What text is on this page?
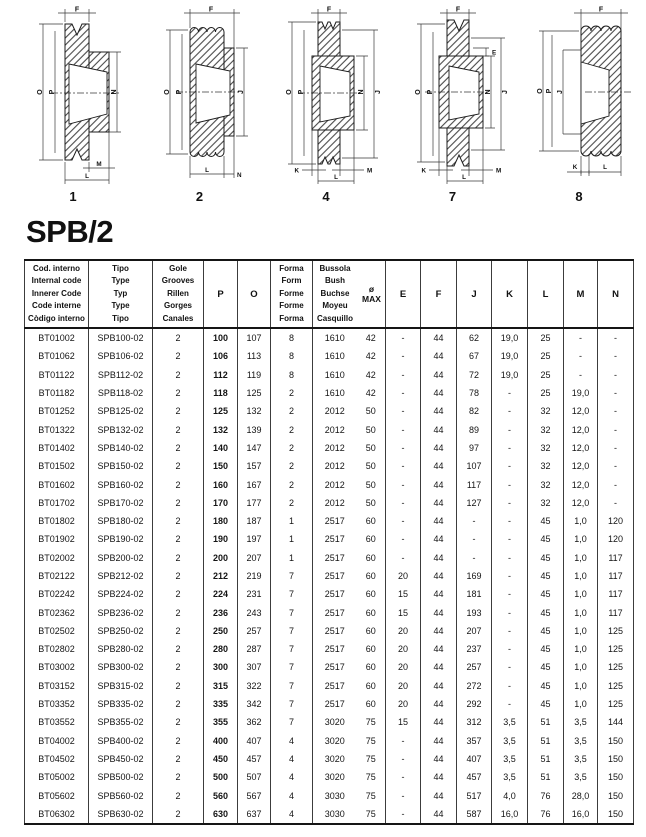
F
O P	N
M
L
1
F
O P	J
L
N
2
F
O P	N J
K	M
L
4
F
E
O P	N J
K	M
L
7
F
O P J
K	L
8
SPB/2
Cod. interno
Internal code
Innerer Code
Code interne
Còdigo interno

Tipo
Type
Typ
Type
Tipo

Gole
Grooves
Rillen
Gorges
Canales
	P	O	
Forma
Form
Forme
Forme
Forma

Bussola
Bush
Buchse
Moyeu
Casquillo
ø
MAX	E	F	J	K	L	M	N
BT01002	SPB100-02	2	100	107	8	1610	42	-	44	62	19,0	25	-	-
BT01062	SPB106-02	2	106	113	8	1610	42	-	44	67	19,0	25	-	-
BT01122	SPB112-02	2	112	119	8	1610	42	-	44	72	19,0	25	-	-
BT01182	SPB118-02	2	118	125	2	1610	42	-	44	78	-	25	19,0	-
BT01252	SPB125-02	2	125	132	2	2012	50	-	44	82	-	32	12,0	-
BT01322	SPB132-02	2	132	139	2	2012	50	-	44	89	-	32	12,0	-
BT01402	SPB140-02	2	140	147	2	2012	50	-	44	97	-	32	12,0	-
BT01502	SPB150-02	2	150	157	2	2012	50	-	44	107	-	32	12,0	-
BT01602	SPB160-02	2	160	167	2	2012	50	-	44	117	-	32	12,0	-
BT01702	SPB170-02	2	170	177	2	2012	50	-	44	127	-	32	12,0	-
BT01802	SPB180-02	2	180	187	1	2517	60	-	44	-	-	45	1,0	120
BT01902	SPB190-02	2	190	197	1	2517	60	-	44	-	-	45	1,0	120
BT02002	SPB200-02	2	200	207	1	2517	60	-	44	-	-	45	1,0	117
BT02122	SPB212-02	2	212	219	7	2517	60	20	44	169	-	45	1,0	117
BT02242	SPB224-02	2	224	231	7	2517	60	15	44	181	-	45	1,0	117
BT02362	SPB236-02	2	236	243	7	2517	60	15	44	193	-	45	1,0	117
BT02502	SPB250-02	2	250	257	7	2517	60	20	44	207	-	45	1,0	125
BT02802	SPB280-02	2	280	287	7	2517	60	20	44	237	-	45	1,0	125
BT03002	SPB300-02	2	300	307	7	2517	60	20	44	257	-	45	1,0	125
BT03152	SPB315-02	2	315	322	7	2517	60	20	44	272	-	45	1,0	125
BT03352	SPB335-02	2	335	342	7	2517	60	20	44	292	-	45	1,0	125
BT03552	SPB355-02	2	355	362	7	3020	75	15	44	312	3,5	51	3,5	144
BT04002	SPB400-02	2	400	407	4	3020	75	-	44	357	3,5	51	3,5	150
BT04502	SPB450-02	2	450	457	4	3020	75	-	44	407	3,5	51	3,5	150
BT05002	SPB500-02	2	500	507	4	3020	75	-	44	457	3,5	51	3,5	150
BT05602	SPB560-02	2	560	567	4	3030	75	-	44	517	4,0	76	28,0	150
BT06302	SPB630-02	2	630	637	4	3030	75	-	44	587	16,0	76	16,0	150
